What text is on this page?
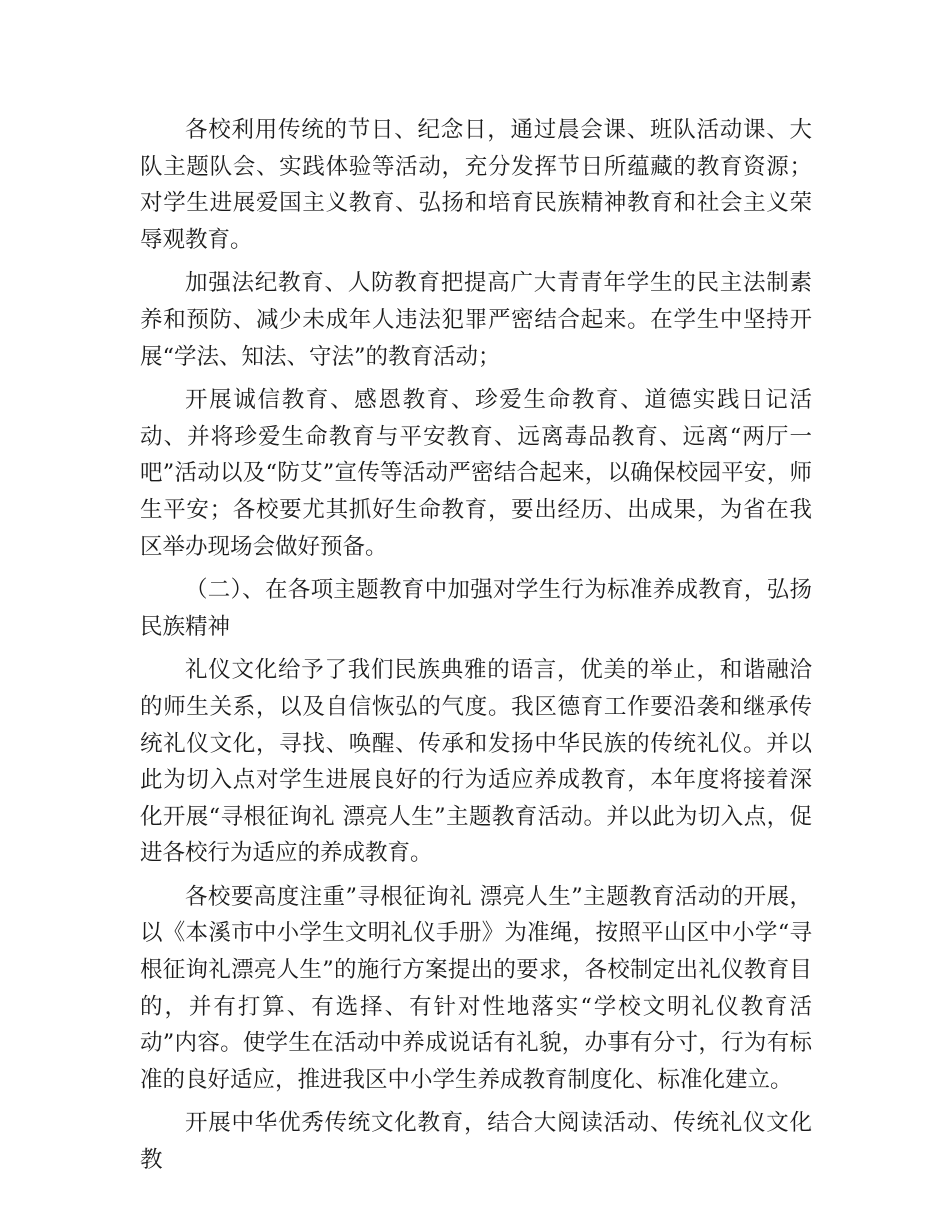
各校利用传统的节日、纪念日，通过晨会课、班队活动课、大队主题队会、实践体验等活动，充分发挥节日所蕴藏的教育资源；对学生进展爱国主义教育、弘扬和培育民族精神教育和社会主义荣辱观教育。

加强法纪教育、人防教育把提高广大青青年学生的民主法制素养和预防、减少未成年人违法犯罪严密结合起来。在学生中坚持开展“学法、知法、守法”的教育活动；

开展诚信教育、感恩教育、珍爱生命教育、道德实践日记活动、并将珍爱生命教育与平安教育、远离毒品教育、远离“两厅一吧”活动以及“防艾”宣传等活动严密结合起来，以确保校园平安，师生平安；各校要尤其抓好生命教育，要出经历、出成果，为省在我区举办现场会做好预备。

（二）、在各项主题教育中加强对学生行为标准养成教育，弘扬民族精神

礼仪文化给予了我们民族典雅的语言，优美的举止，和谐融洽的师生关系，以及自信恢弘的气度。我区德育工作要沿袭和继承传统礼仪文化，寻找、唤醒、传承和发扬中华民族的传统礼仪。并以此为切入点对学生进展良好的行为适应养成教育，本年度将接着深化开展“寻根征询礼 漂亮人生”主题教育活动。并以此为切入点，促进各校行为适应的养成教育。

各校要高度注重”寻根征询礼 漂亮人生”主题教育活动的开展，以《本溪市中小学生文明礼仪手册》为准绳，按照平山区中小学“寻根征询礼漂亮人生”的施行方案提出的要求，各校制定出礼仪教育目的，并有打算、有选择、有针对性地落实“学校文明礼仪教育活动”内容。使学生在活动中养成说话有礼貌，办事有分寸，行为有标准的良好适应，推进我区中小学生养成教育制度化、标准化建立。

开展中华优秀传统文化教育，结合大阅读活动、传统礼仪文化教
